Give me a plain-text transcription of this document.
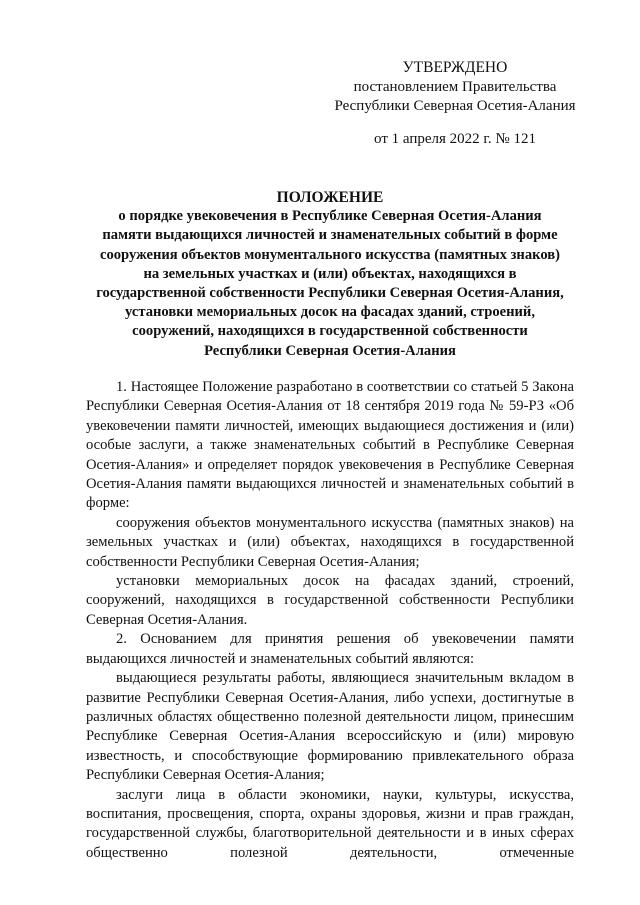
УТВЕРЖДЕНО
постановлением Правительства
Республики Северная Осетия-Алания
от 1 апреля 2022 г. № 121
ПОЛОЖЕНИЕ
о порядке увековечения в Республике Северная Осетия-Алания
памяти выдающихся личностей и знаменательных событий в форме
сооружения объектов монументального искусства (памятных знаков)
на земельных участках и (или) объектах, находящихся в
государственной собственности Республики Северная Осетия-Алания,
установки мемориальных досок на фасадах зданий, строений,
сооружений, находящихся в государственной собственности
Республики Северная Осетия-Алания

1. Настоящее Положение разработано в соответствии со статьей 5 Закона Республики Северная Осетия-Алания от 18 сентября 2019 года № 59-РЗ «Об увековечении памяти личностей, имеющих выдающиеся достижения и (или) особые заслуги, а также знаменательных событий в Республике Северная Осетия-Алания» и определяет порядок увековечения в Республике Северная Осетия-Алания памяти выдающихся личностей и знаменательных событий в форме:

сооружения объектов монументального искусства (памятных знаков) на земельных участках и (или) объектах, находящихся в государственной собственности Республики Северная Осетия-Алания;

установки мемориальных досок на фасадах зданий, строений, сооружений, находящихся в государственной собственности Республики Северная Осетия-Алания.

2. Основанием для принятия решения об увековечении памяти выдающихся личностей и знаменательных событий являются:

выдающиеся результаты работы, являющиеся значительным вкладом в развитие Республики Северная Осетия-Алания, либо успехи, достигнутые в различных областях общественно полезной деятельности лицом, принесшим Республике Северная Осетия-Алания всероссийскую и (или) мировую известность, и способствующие формированию привлекательного образа Республики Северная Осетия-Алания;

заслуги лица в области экономики, науки, культуры, искусства, воспитания, просвещения, спорта, охраны здоровья, жизни и прав граждан, государственной службы, благотворительной деятельности и в иных сферах общественно полезной деятельности, отмеченные
